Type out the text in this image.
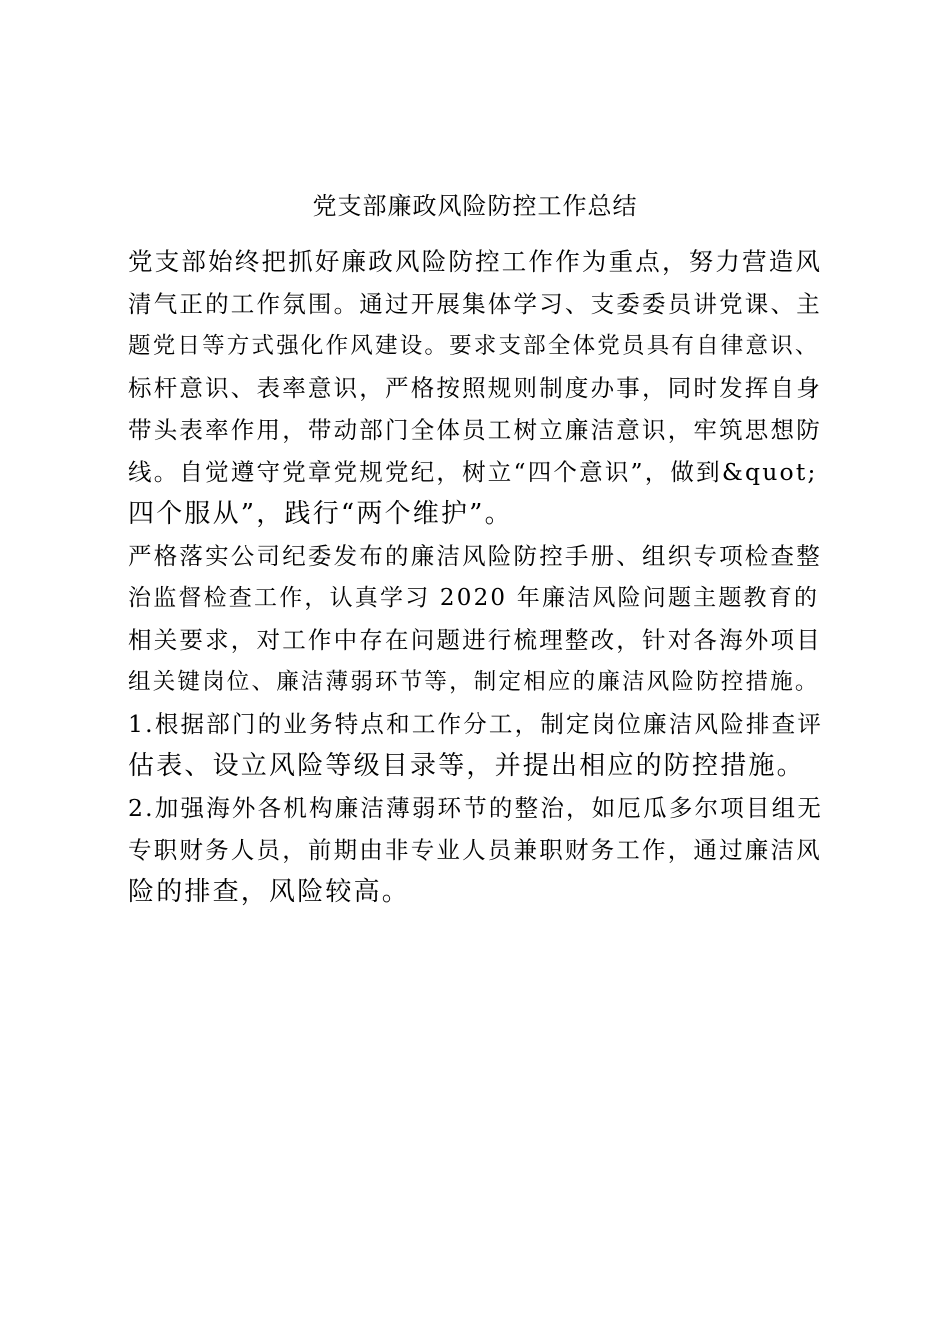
党支部廉政风险防控工作总结
党支部始终把抓好廉政风险防控工作作为重点，努力营造风
清气正的工作氛围。通过开展集体学习、支委委员讲党课、主
题党日等方式强化作风建设。要求支部全体党员具有自律意识、
标杆意识、表率意识，严格按照规则制度办事，同时发挥自身
带头表率作用，带动部门全体员工树立廉洁意识，牢筑思想防
线。自觉遵守党章党规党纪，树立“四个意识”，做到&quot;
四个服从”，践行“两个维护”。
严格落实公司纪委发布的廉洁风险防控手册、组织专项检查整
治监督检查工作，认真学习 2020 年廉洁风险问题主题教育的
相关要求，对工作中存在问题进行梳理整改，针对各海外项目
组关键岗位、廉洁薄弱环节等，制定相应的廉洁风险防控措施。
1.根据部门的业务特点和工作分工，制定岗位廉洁风险排查评
估表、设立风险等级目录等，并提出相应的防控措施。
2.加强海外各机构廉洁薄弱环节的整治，如厄瓜多尔项目组无
专职财务人员，前期由非专业人员兼职财务工作，通过廉洁风
险的排查，风险较高。
